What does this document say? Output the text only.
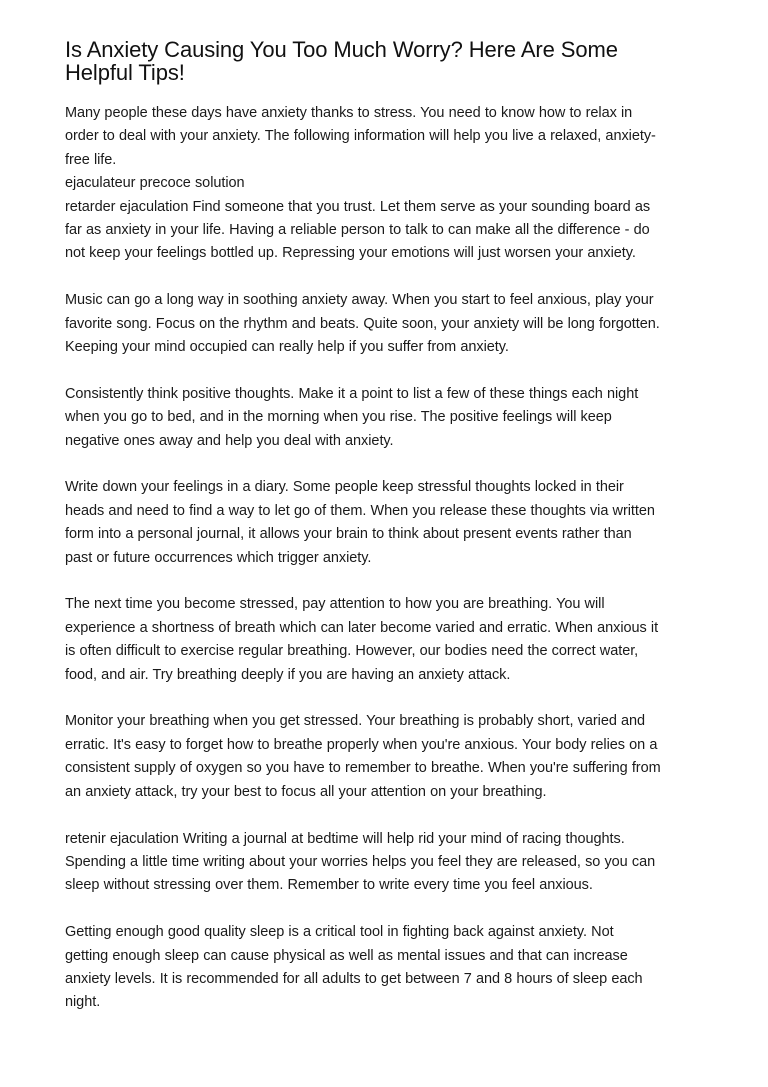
Is Anxiety Causing You Too Much Worry? Here Are Some
Helpful Tips!

Many people these days have anxiety thanks to stress. You need to know how to relax in
order to deal with your anxiety. The following information will help you live a relaxed, anxiety-
free life.
ejaculateur precoce solution
retarder ejaculation Find someone that you trust. Let them serve as your sounding board as
far as anxiety in your life. Having a reliable person to talk to can make all the difference - do
not keep your feelings bottled up. Repressing your emotions will just worsen your anxiety.

Music can go a long way in soothing anxiety away. When you start to feel anxious, play your
favorite song. Focus on the rhythm and beats. Quite soon, your anxiety will be long forgotten.
Keeping your mind occupied can really help if you suffer from anxiety.

Consistently think positive thoughts. Make it a point to list a few of these things each night
when you go to bed, and in the morning when you rise. The positive feelings will keep
negative ones away and help you deal with anxiety.

Write down your feelings in a diary. Some people keep stressful thoughts locked in their
heads and need to find a way to let go of them. When you release these thoughts via written
form into a personal journal, it allows your brain to think about present events rather than
past or future occurrences which trigger anxiety.

The next time you become stressed, pay attention to how you are breathing. You will
experience a shortness of breath which can later become varied and erratic. When anxious it
is often difficult to exercise regular breathing. However, our bodies need the correct water,
food, and air. Try breathing deeply if you are having an anxiety attack.

Monitor your breathing when you get stressed. Your breathing is probably short, varied and
erratic. It's easy to forget how to breathe properly when you're anxious. Your body relies on a
consistent supply of oxygen so you have to remember to breathe. When you're suffering from
an anxiety attack, try your best to focus all your attention on your breathing.

retenir ejaculation Writing a journal at bedtime will help rid your mind of racing thoughts.
Spending a little time writing about your worries helps you feel they are released, so you can
sleep without stressing over them. Remember to write every time you feel anxious.

Getting enough good quality sleep is a critical tool in fighting back against anxiety. Not
getting enough sleep can cause physical as well as mental issues and that can increase
anxiety levels. It is recommended for all adults to get between 7 and 8 hours of sleep each
night.
